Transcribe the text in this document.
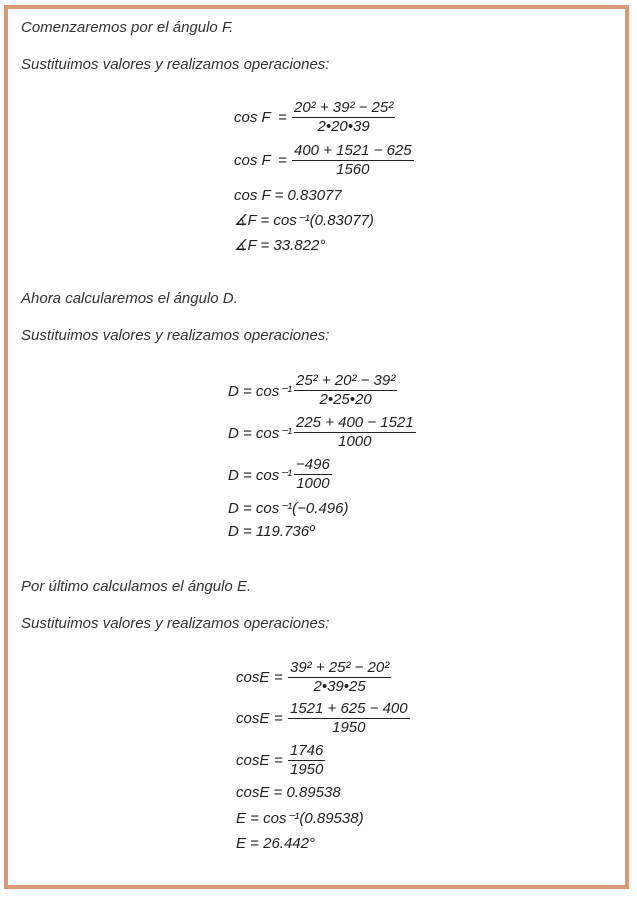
Comenzaremos por el ángulo F.
Sustituimos valores y realizamos operaciones:
cos F =
20² + 39² − 25²
2•20•39
cos F =
400 + 1521 − 625
1560
cos F = 0.83077
∡F = cos⁻¹(0.83077)
∡F = 33.822°
Ahora calcularemos el ángulo D.
Sustituimos valores y realizamos operaciones:
D = cos⁻¹
25² + 20² − 39²
2•25•20
D = cos⁻¹
225 + 400 − 1521
1000
D = cos⁻¹
−496
1000
D = cos⁻¹(−0.496)
D = 119.736º
Por último calculamos el ángulo E.
Sustituimos valores y realizamos operaciones:
cosE =
39² + 25² − 20²
2•39•25
cosE =
1521 + 625 − 400
1950
cosE =
1746
1950
cosE = 0.89538
E = cos⁻¹(0.89538)
E = 26.442°
